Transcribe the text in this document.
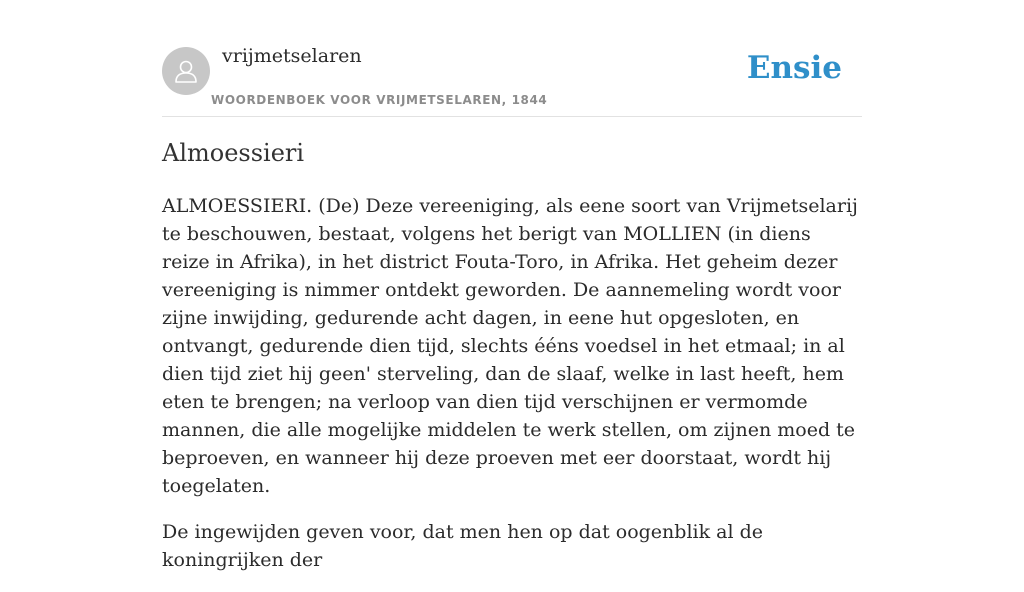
vrijmetselaren
WOORDENBOEK VOOR VRIJMETSELAREN, 1844
Ensie
Almoessieri

ALMOESSIERI. (De) Deze vereeniging, als eene soort van Vrijmetselarij te beschouwen, bestaat, volgens het berigt van MOLLIEN (in diens reize in Afrika), in het district Fouta-Toro, in Afrika. Het geheim dezer vereeniging is nimmer ontdekt geworden. De aannemeling wordt voor zijne inwijding, gedurende acht dagen, in eene hut opgesloten, en ontvangt, gedurende dien tijd, slechts ééns voedsel in het etmaal; in al dien tijd ziet hij geen' sterveling, dan de slaaf, welke in last heeft, hem eten te brengen; na verloop van dien tijd verschijnen er vermomde mannen, die alle mogelijke middelen te werk stellen, om zijnen moed te beproeven, en wanneer hij deze proeven met eer doorstaat, wordt hij toegelaten.

De ingewijden geven voor, dat men hen op dat oogenblik al de koningrijken der
